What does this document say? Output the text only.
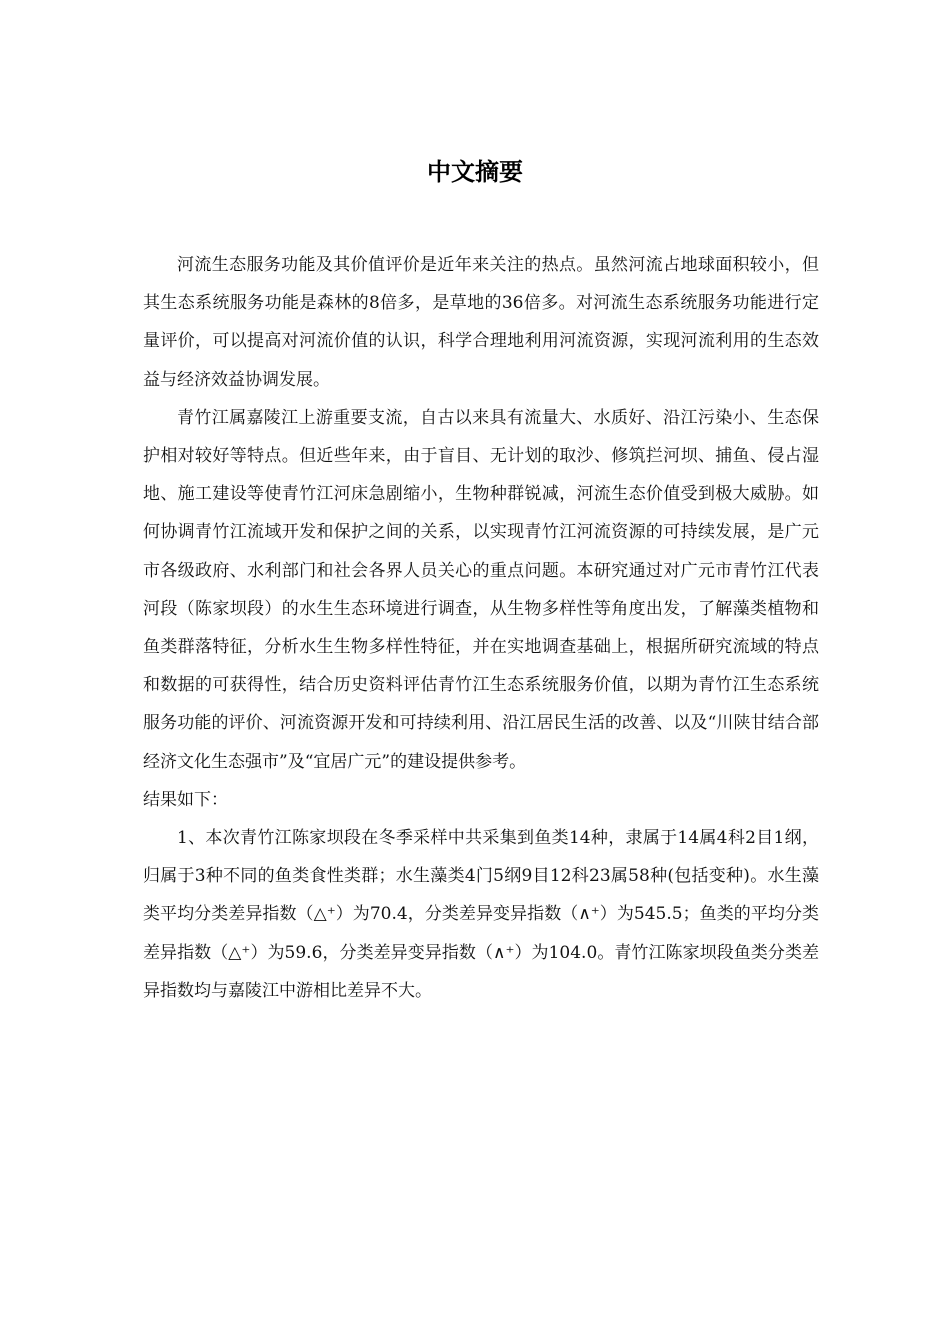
中文摘要

河流生态服务功能及其价值评价是近年来关注的热点。虽然河流占地球面积较小，但其生态系统服务功能是森林的8倍多，是草地的36倍多。对河流生态系统服务功能进行定量评价，可以提高对河流价值的认识，科学合理地利用河流资源，实现河流利用的生态效益与经济效益协调发展。

青竹江属嘉陵江上游重要支流，自古以来具有流量大、水质好、沿江污染小、生态保护相对较好等特点。但近些年来，由于盲目、无计划的取沙、修筑拦河坝、捕鱼、侵占湿地、施工建设等使青竹江河床急剧缩小，生物种群锐减，河流生态价值受到极大威胁。如何协调青竹江流域开发和保护之间的关系，以实现青竹江河流资源的可持续发展，是广元市各级政府、水利部门和社会各界人员关心的重点问题。本研究通过对广元市青竹江代表河段（陈家坝段）的水生生态环境进行调查，从生物多样性等角度出发，了解藻类植物和鱼类群落特征，分析水生生物多样性特征，并在实地调查基础上，根据所研究流域的特点和数据的可获得性，结合历史资料评估青竹江生态系统服务价值，以期为青竹江生态系统服务功能的评价、河流资源开发和可持续利用、沿江居民生活的改善、以及“川陕甘结合部经济文化生态强市”及“宜居广元”的建设提供参考。

结果如下：

1、本次青竹江陈家坝段在冬季采样中共采集到鱼类14种，隶属于14属4科2目1纲，归属于3种不同的鱼类食性类群；水生藻类4门5纲9目12科23属58种(包括变种)。水生藻类平均分类差异指数（△⁺）为70.4，分类差异变异指数（∧⁺）为545.5；鱼类的平均分类差异指数（△⁺）为59.6，分类差异变异指数（∧⁺）为104.0。青竹江陈家坝段鱼类分类差异指数均与嘉陵江中游相比差异不大。
